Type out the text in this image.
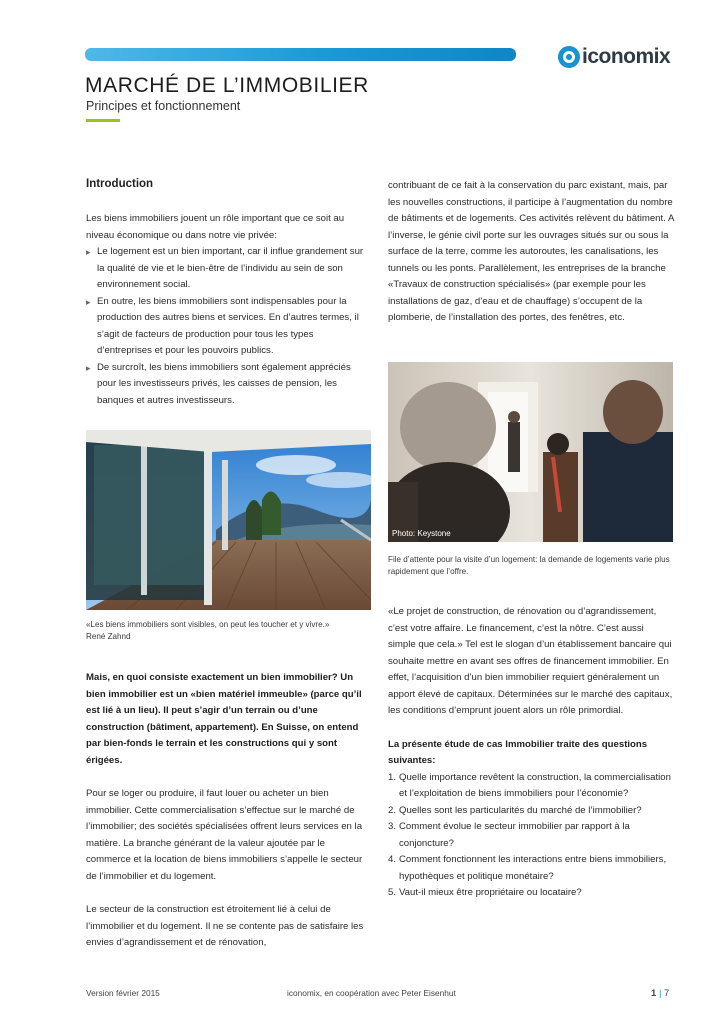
iconomix
MARCHÉ DE L’IMMOBILIER
Principes et fonctionnement
Introduction

Les biens immobiliers jouent un rôle important que ce soit au niveau économique ou dans notre vie privée:

▸ Le logement est un bien important, car il influe grandement sur la qualité de vie et le bien-être de l’individu au sein de son environnement social.
▸ En outre, les biens immobiliers sont indispensables pour la production des autres biens et services. En d’autres termes, il s’agit de facteurs de production pour tous les types d’entreprises et pour les pouvoirs publics.
▸ De surcroît, les biens immobiliers sont également appréciés pour les investisseurs privés, les caisses de pension, les banques et autres investisseurs.
«Les biens immobiliers sont visibles, on peut les toucher et y vivre.»
René Zahnd

Mais, en quoi consiste exactement un bien immobilier? Un bien immobilier est un «bien matériel immeuble» (parce qu’il est lié à un lieu). Il peut s’agir d’un terrain ou d’une construction (bâtiment, appartement). En Suisse, on entend par bien-fonds le terrain et les constructions qui y sont érigées.

Pour se loger ou produire, il faut louer ou acheter un bien immobilier. Cette commercialisation s’effectue sur le marché de l’immobilier; des sociétés spécialisées offrent leurs services en la matière. La branche générant de la valeur ajoutée par le commerce et la location de biens immobiliers s’appelle le secteur de l’immobilier et du logement.

Le secteur de la construction est étroitement lié à celui de l’immobilier et du logement. Il ne se contente pas de satisfaire les envies d’agrandissement et de rénovation,

contribuant de ce fait à la conservation du parc existant, mais, par les nouvelles constructions, il participe à l’augmentation du nombre de bâtiments et de logements. Ces activités relèvent du bâtiment. A l’inverse, le génie civil porte sur les ouvrages situés sur ou sous la surface de la terre, comme les autoroutes, les canalisations, les tunnels ou les ponts. Parallèlement, les entreprises de la branche «Travaux de construction spécialisés» (par exemple pour les installations de gaz, d’eau et de chauffage) s’occupent de la plomberie, de l’installation des portes, des fenêtres, etc.

Photo: Keystone
File d’attente pour la visite d’un logement: la demande de logements varie plus rapidement que l’offre.

«Le projet de construction, de rénovation ou d’agrandissement, c’est votre affaire. Le financement, c’est la nôtre. C’est aussi simple que cela.» Tel est le slogan d’un établissement bancaire qui souhaite mettre en avant ses offres de financement immobilier. En effet, l’acquisition d’un bien immobilier requiert généralement un apport élevé de capitaux. Déterminées sur le marché des capitaux, les conditions d’emprunt jouent alors un rôle primordial.

La présente étude de cas Immobilier traite des questions suivantes:

1. Quelle importance revêtent la construction, la commercialisation et l’exploitation de biens immobiliers pour l’économie?
2. Quelles sont les particularités du marché de l’immobilier?
3. Comment évolue le secteur immobilier par rapport à la conjoncture?
4. Comment fonctionnent les interactions entre biens immobiliers, hypothèques et politique monétaire?
5. Vaut-il mieux être propriétaire ou locataire?
Version février 2015	iconomix, en coopération avec Peter Eisenhut	1 | 7
